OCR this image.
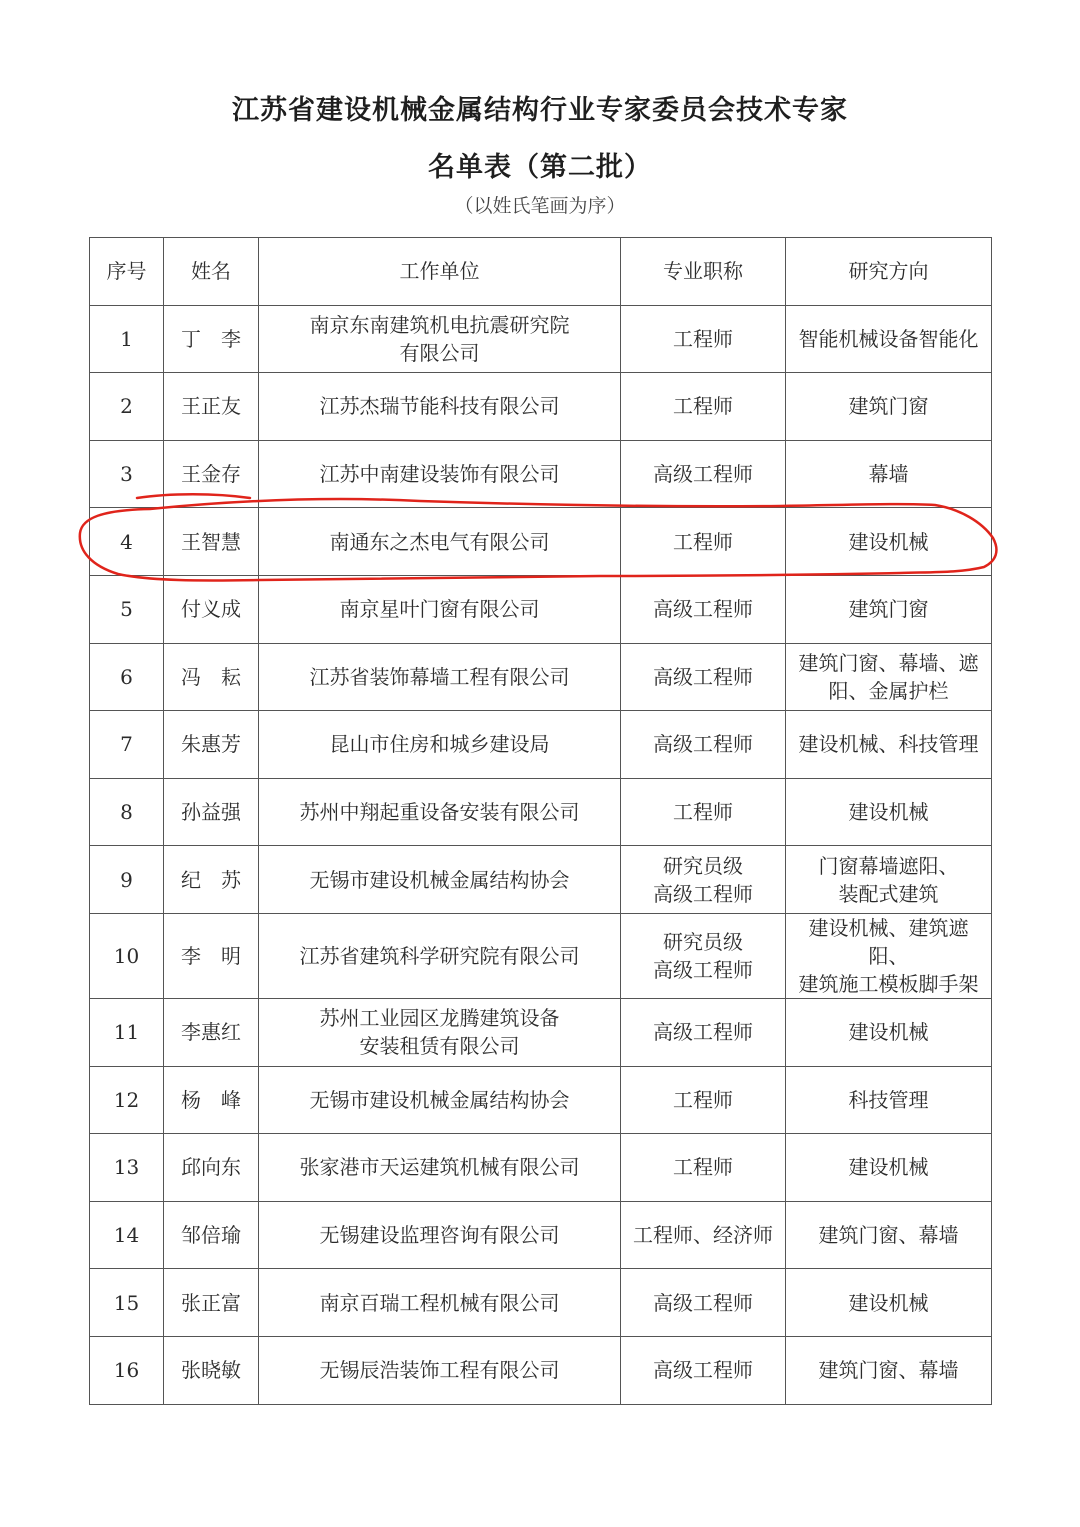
江苏省建设机械金属结构行业专家委员会技术专家
名单表（第二批）

（以姓氏笔画为序）

序号	姓名	工作单位	专业职称	研究方向
1	丁　李	南京东南建筑机电抗震研究院
有限公司	工程师	智能机械设备智能化
2	王正友	江苏杰瑞节能科技有限公司	工程师	建筑门窗
3	王金存	江苏中南建设装饰有限公司	高级工程师	幕墙
4	王智慧	南通东之杰电气有限公司	工程师	建设机械
5	付义成	南京星叶门窗有限公司	高级工程师	建筑门窗
6	冯　耘	江苏省装饰幕墙工程有限公司	高级工程师	建筑门窗、幕墙、遮
阳、金属护栏
7	朱惠芳	昆山市住房和城乡建设局	高级工程师	建设机械、科技管理
8	孙益强	苏州中翔起重设备安装有限公司	工程师	建设机械
9	纪　苏	无锡市建设机械金属结构协会	研究员级
高级工程师	门窗幕墙遮阳、
装配式建筑
10	李　明	江苏省建筑科学研究院有限公司	研究员级
高级工程师	建设机械、建筑遮阳、
建筑施工模板脚手架
11	李惠红	苏州工业园区龙腾建筑设备
安装租赁有限公司	高级工程师	建设机械
12	杨　峰	无锡市建设机械金属结构协会	工程师	科技管理
13	邱向东	张家港市天运建筑机械有限公司	工程师	建设机械
14	邹倍瑜	无锡建设监理咨询有限公司	工程师、经济师	建筑门窗、幕墙
15	张正富	南京百瑞工程机械有限公司	高级工程师	建设机械
16	张晓敏	无锡辰浩装饰工程有限公司	高级工程师	建筑门窗、幕墙
